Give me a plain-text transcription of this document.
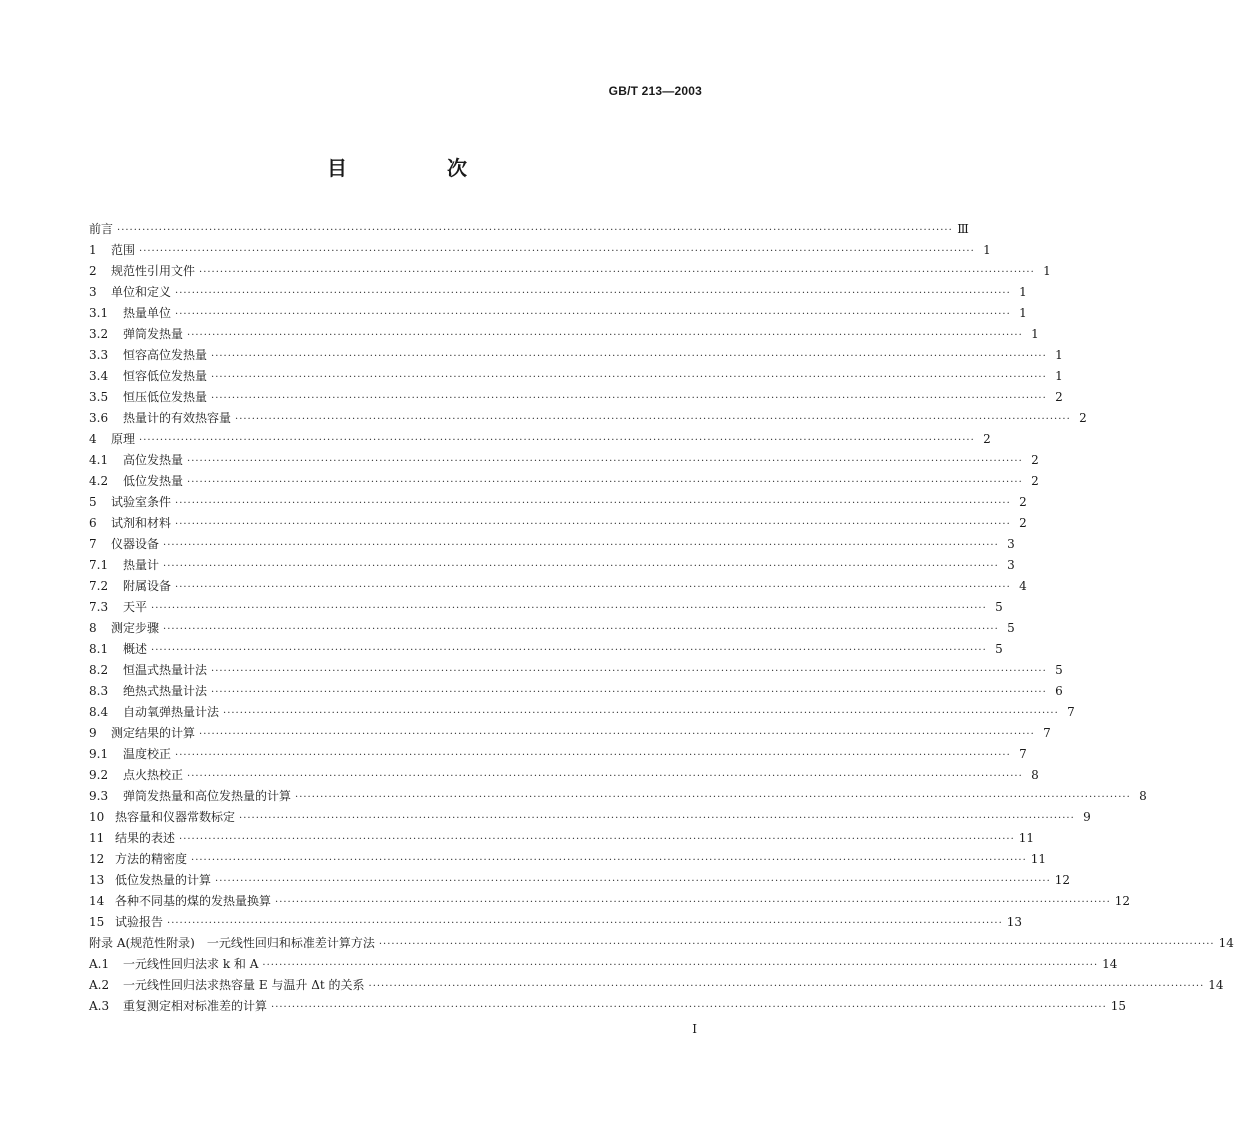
GB/T 213—2003
目　次
前言 ········································································································································································································ Ⅲ
1	范围 ········································································································································································································ 1
2	规范性引用文件 ········································································································································································································ 1
3	单位和定义 ········································································································································································································ 1
3.1	热量单位 ········································································································································································································ 1
3.2	弹筒发热量 ········································································································································································································ 1
3.3	恒容高位发热量 ········································································································································································································ 1
3.4	恒容低位发热量 ········································································································································································································ 1
3.5	恒压低位发热量 ········································································································································································································ 2
3.6	热量计的有效热容量 ········································································································································································································ 2
4	原理 ········································································································································································································ 2
4.1	高位发热量 ········································································································································································································ 2
4.2	低位发热量 ········································································································································································································ 2
5	试验室条件 ········································································································································································································ 2
6	试剂和材料 ········································································································································································································ 2
7	仪器设备 ········································································································································································································ 3
7.1	热量计 ········································································································································································································ 3
7.2	附属设备 ········································································································································································································ 4
7.3	天平 ········································································································································································································ 5
8	测定步骤 ········································································································································································································ 5
8.1	概述 ········································································································································································································ 5
8.2	恒温式热量计法 ········································································································································································································ 5
8.3	绝热式热量计法 ········································································································································································································ 6
8.4	自动氧弹热量计法 ········································································································································································································ 7
9	测定结果的计算 ········································································································································································································ 7
9.1	温度校正 ········································································································································································································ 7
9.2	点火热校正 ········································································································································································································ 8
9.3	弹筒发热量和高位发热量的计算 ········································································································································································································ 8
10 热容量和仪器常数标定 ········································································································································································································ 9
11 结果的表述 ········································································································································································································ 11
12 方法的精密度 ········································································································································································································ 11
13 低位发热量的计算 ········································································································································································································ 12
14 各种不同基的煤的发热量换算 ········································································································································································································ 12
15 试验报告 ········································································································································································································ 13
附录 A(规范性附录)　一元线性回归和标准差计算方法 ········································································································································································································ 14
A.1	一元线性回归法求 k 和 A ········································································································································································································ 14
A.2	一元线性回归法求热容量 E 与温升 Δt 的关系 ········································································································································································································ 14
A.3	重复测定相对标准差的计算 ········································································································································································································ 15
I
